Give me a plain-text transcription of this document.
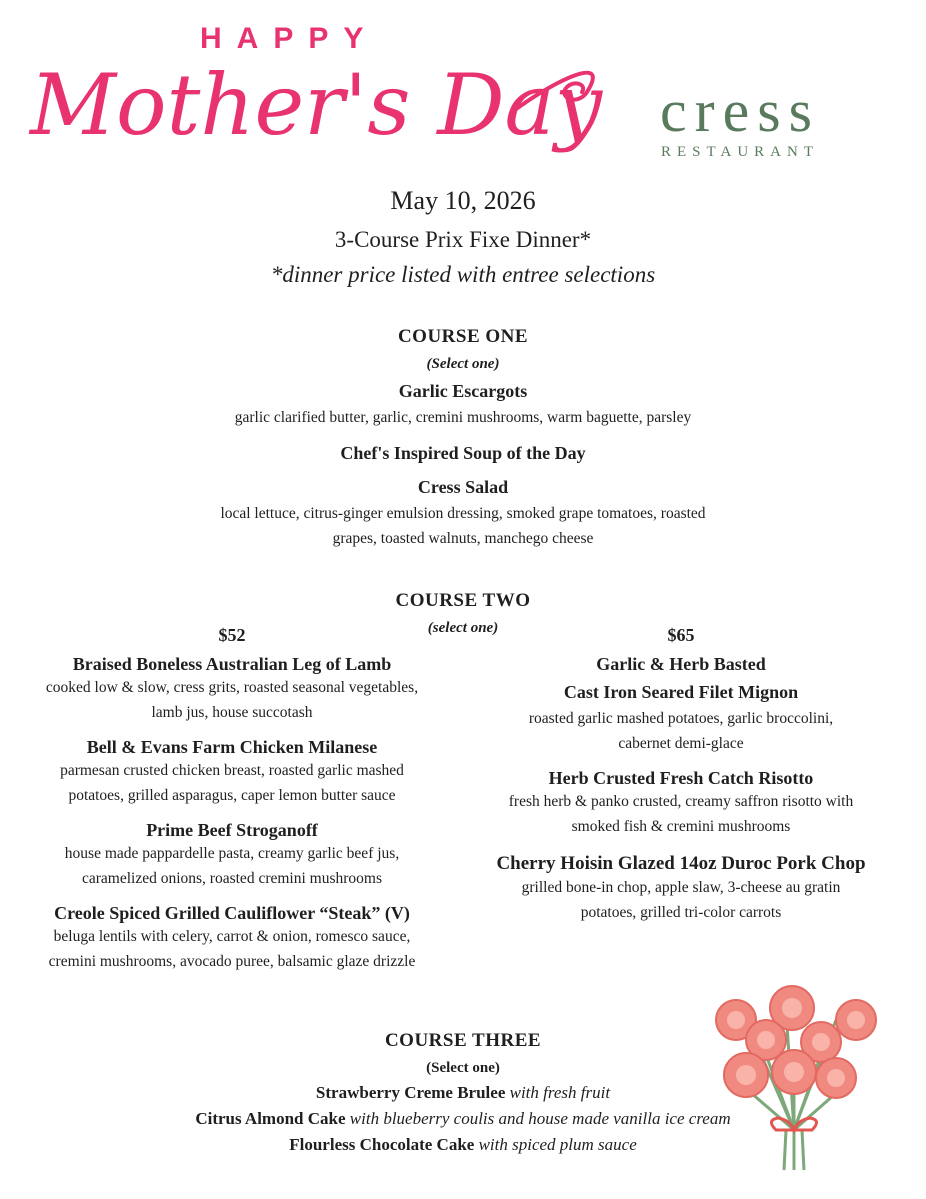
HAPPY
Mother's Day cress
RESTAURANT
May 10, 2026
3-Course Prix Fixe Dinner*
*dinner price listed with entree selections
COURSE ONE
(Select one)
Garlic Escargots
garlic clarified butter, garlic, cremini mushrooms, warm baguette, parsley
Chef's Inspired Soup of the Day
Cress Salad
local lettuce, citrus-ginger emulsion dressing, smoked grape tomatoes, roasted
grapes, toasted walnuts, manchego cheese
COURSE TWO
(select one)
$52
Braised Boneless Australian Leg of Lamb
cooked low & slow, cress grits, roasted seasonal vegetables,
lamb jus, house succotash
Bell & Evans Farm Chicken Milanese
parmesan crusted chicken breast, roasted garlic mashed
potatoes, grilled asparagus, caper lemon butter sauce
Prime Beef Stroganoff
house made pappardelle pasta, creamy garlic beef jus,
caramelized onions, roasted cremini mushrooms
Creole Spiced Grilled Cauliflower “Steak” (V)
beluga lentils with celery, carrot & onion, romesco sauce,
cremini mushrooms, avocado puree, balsamic glaze drizzle
$65
Garlic & Herb Basted
Cast Iron Seared Filet Mignon
roasted garlic mashed potatoes, garlic broccolini,
cabernet demi-glace
Herb Crusted Fresh Catch Risotto
fresh herb & panko crusted, creamy saffron risotto with
smoked fish & cremini mushrooms
Cherry Hoisin Glazed 14oz Duroc Pork Chop
grilled bone-in chop, apple slaw, 3-cheese au gratin
potatoes, grilled tri-color carrots
COURSE THREE
(Select one)
Strawberry Creme Brulee with fresh fruit
Citrus Almond Cake with blueberry coulis and house made vanilla ice cream
Flourless Chocolate Cake with spiced plum sauce
